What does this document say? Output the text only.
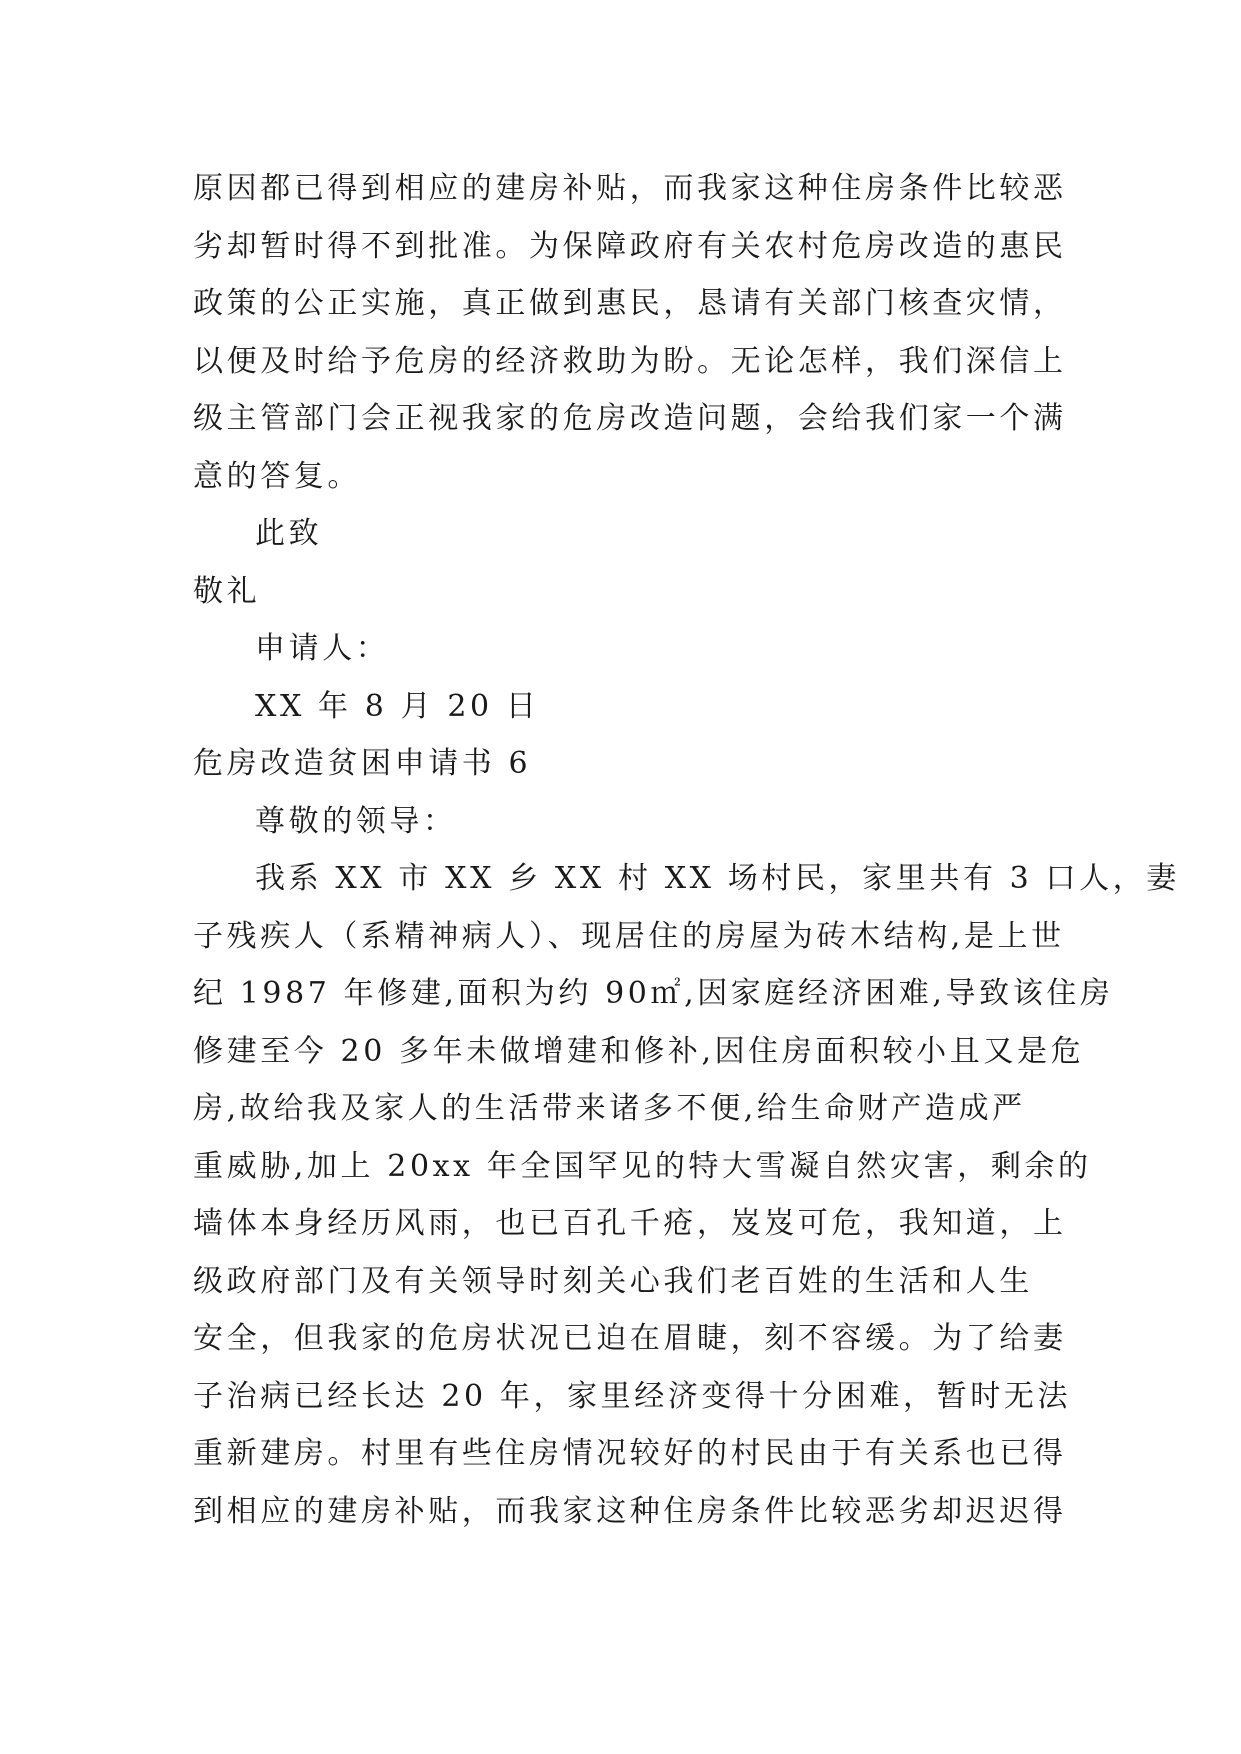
原因都已得到相应的建房补贴，而我家这种住房条件比较恶
劣却暂时得不到批准。为保障政府有关农村危房改造的惠民
政策的公正实施，真正做到惠民，恳请有关部门核查灾情，
以便及时给予危房的经济救助为盼。无论怎样，我们深信上
级主管部门会正视我家的危房改造问题，会给我们家一个满
意的答复。
此致
敬礼
申请人：
XX 年 8 月 20 日
危房改造贫困申请书 6
尊敬的领导：
我系 XX 市 XX 乡 XX 村 XX 场村民，家里共有 3 口人，妻
子残疾人（系精神病人）、现居住的房屋为砖木结构,是上世
纪 1987 年修建,面积为约 90㎡,因家庭经济困难,导致该住房
修建至今 20 多年未做增建和修补,因住房面积较小且又是危
房,故给我及家人的生活带来诸多不便,给生命财产造成严
重威胁,加上 20xx 年全国罕见的特大雪凝自然灾害，剩余的
墙体本身经历风雨，也已百孔千疮，岌岌可危，我知道，上
级政府部门及有关领导时刻关心我们老百姓的生活和人生
安全，但我家的危房状况已迫在眉睫，刻不容缓。为了给妻
子治病已经长达 20 年，家里经济变得十分困难，暂时无法
重新建房。村里有些住房情况较好的村民由于有关系也已得
到相应的建房补贴，而我家这种住房条件比较恶劣却迟迟得
